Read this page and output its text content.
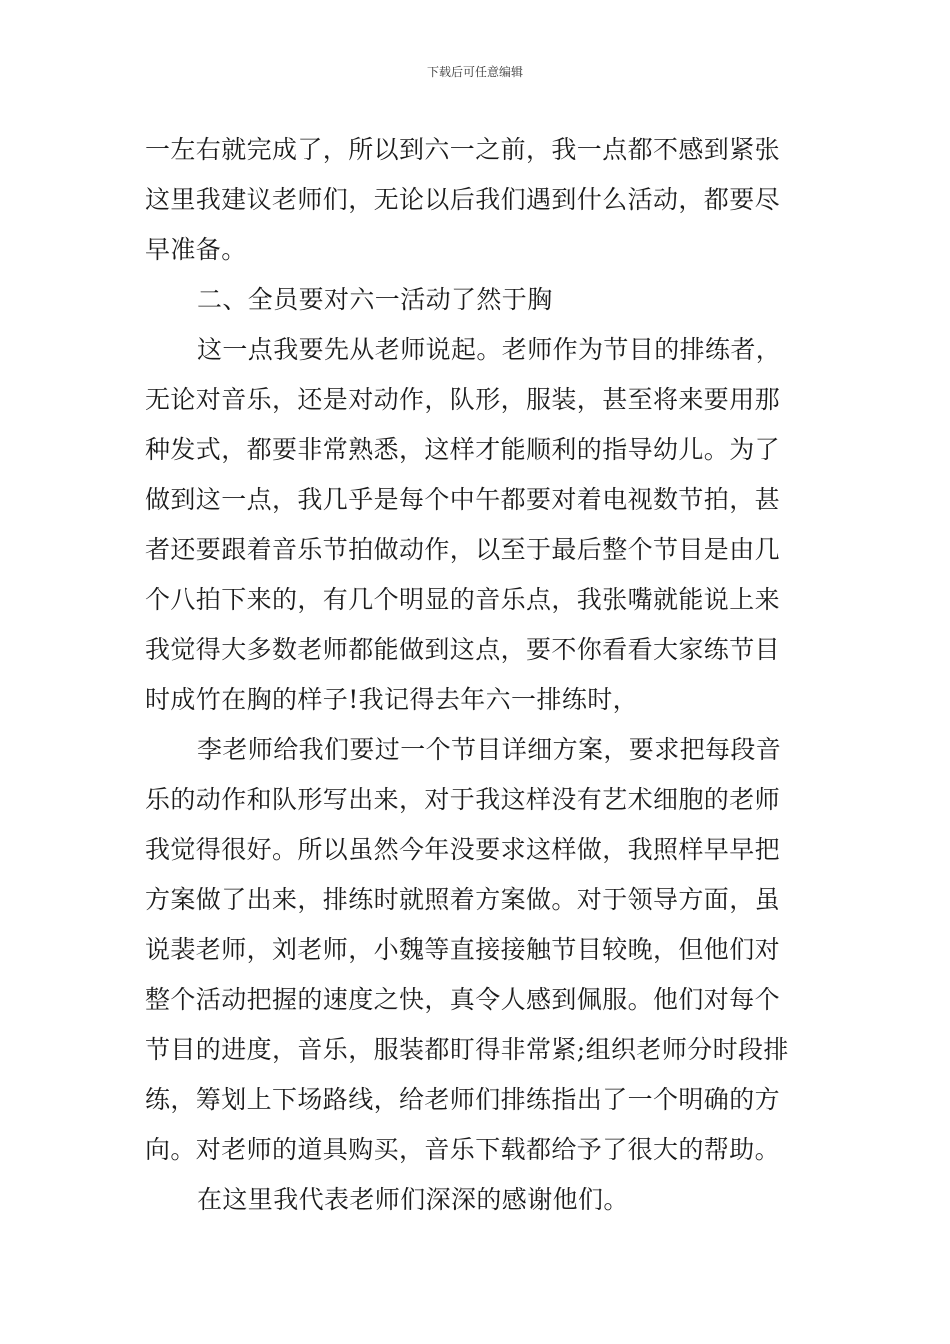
下载后可任意编辑
一左右就完成了，所以到六一之前，我一点都不感到紧张
这里我建议老师们，无论以后我们遇到什么活动，都要尽
早准备。
二、全员要对六一活动了然于胸
这一点我要先从老师说起。老师作为节目的排练者，
无论对音乐，还是对动作，队形，服装，甚至将来要用那
种发式，都要非常熟悉，这样才能顺利的指导幼儿。为了
做到这一点，我几乎是每个中午都要对着电视数节拍，甚
者还要跟着音乐节拍做动作，以至于最后整个节目是由几
个八拍下来的，有几个明显的音乐点，我张嘴就能说上来
我觉得大多数老师都能做到这点，要不你看看大家练节目
时成竹在胸的样子!我记得去年六一排练时，
李老师给我们要过一个节目详细方案，要求把每段音
乐的动作和队形写出来，对于我这样没有艺术细胞的老师
我觉得很好。所以虽然今年没要求这样做，我照样早早把
方案做了出来，排练时就照着方案做。对于领导方面，虽
说裴老师，刘老师，小魏等直接接触节目较晚，但他们对
整个活动把握的速度之快，真令人感到佩服。他们对每个
节目的进度，音乐，服装都盯得非常紧;组织老师分时段排
练，筹划上下场路线，给老师们排练指出了一个明确的方
向。对老师的道具购买，音乐下载都给予了很大的帮助。
在这里我代表老师们深深的感谢他们。
